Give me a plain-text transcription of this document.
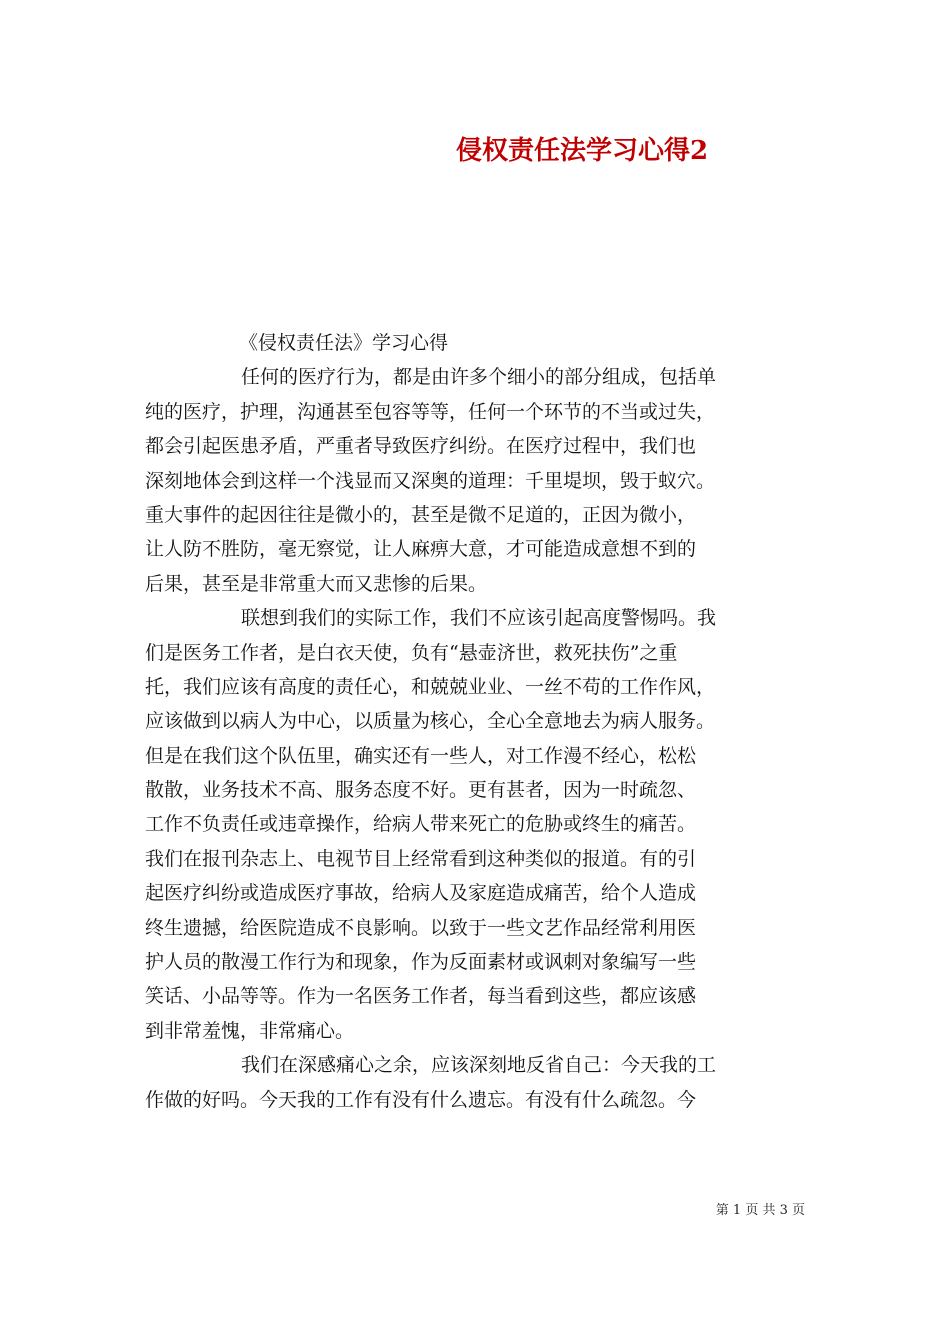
侵权责任法学习心得2
《侵权责任法》学习心得
任何的医疗行为，都是由许多个细小的部分组成，包括单
纯的医疗，护理，沟通甚至包容等等，任何一个环节的不当或过失，
都会引起医患矛盾，严重者导致医疗纠纷。在医疗过程中，我们也
深刻地体会到这样一个浅显而又深奥的道理：千里堤坝，毁于蚁穴。
重大事件的起因往往是微小的，甚至是微不足道的，正因为微小，
让人防不胜防，毫无察觉，让人麻痹大意，才可能造成意想不到的
后果，甚至是非常重大而又悲惨的后果。
联想到我们的实际工作，我们不应该引起高度警惕吗。我
们是医务工作者，是白衣天使，负有“悬壶济世，救死扶伤”之重
托，我们应该有高度的责任心，和兢兢业业、一丝不苟的工作作风，
应该做到以病人为中心，以质量为核心，全心全意地去为病人服务。
但是在我们这个队伍里，确实还有一些人，对工作漫不经心，松松
散散，业务技术不高、服务态度不好。更有甚者，因为一时疏忽、
工作不负责任或违章操作，给病人带来死亡的危胁或终生的痛苦。
我们在报刊杂志上、电视节目上经常看到这种类似的报道。有的引
起医疗纠纷或造成医疗事故，给病人及家庭造成痛苦，给个人造成
终生遗撼，给医院造成不良影响。以致于一些文艺作品经常利用医
护人员的散漫工作行为和现象，作为反面素材或讽刺对象编写一些
笑话、小品等等。作为一名医务工作者，每当看到这些，都应该感
到非常羞愧，非常痛心。
我们在深感痛心之余，应该深刻地反省自己：今天我的工
作做的好吗。今天我的工作有没有什么遗忘。有没有什么疏忽。今
第 1 页 共 3 页
